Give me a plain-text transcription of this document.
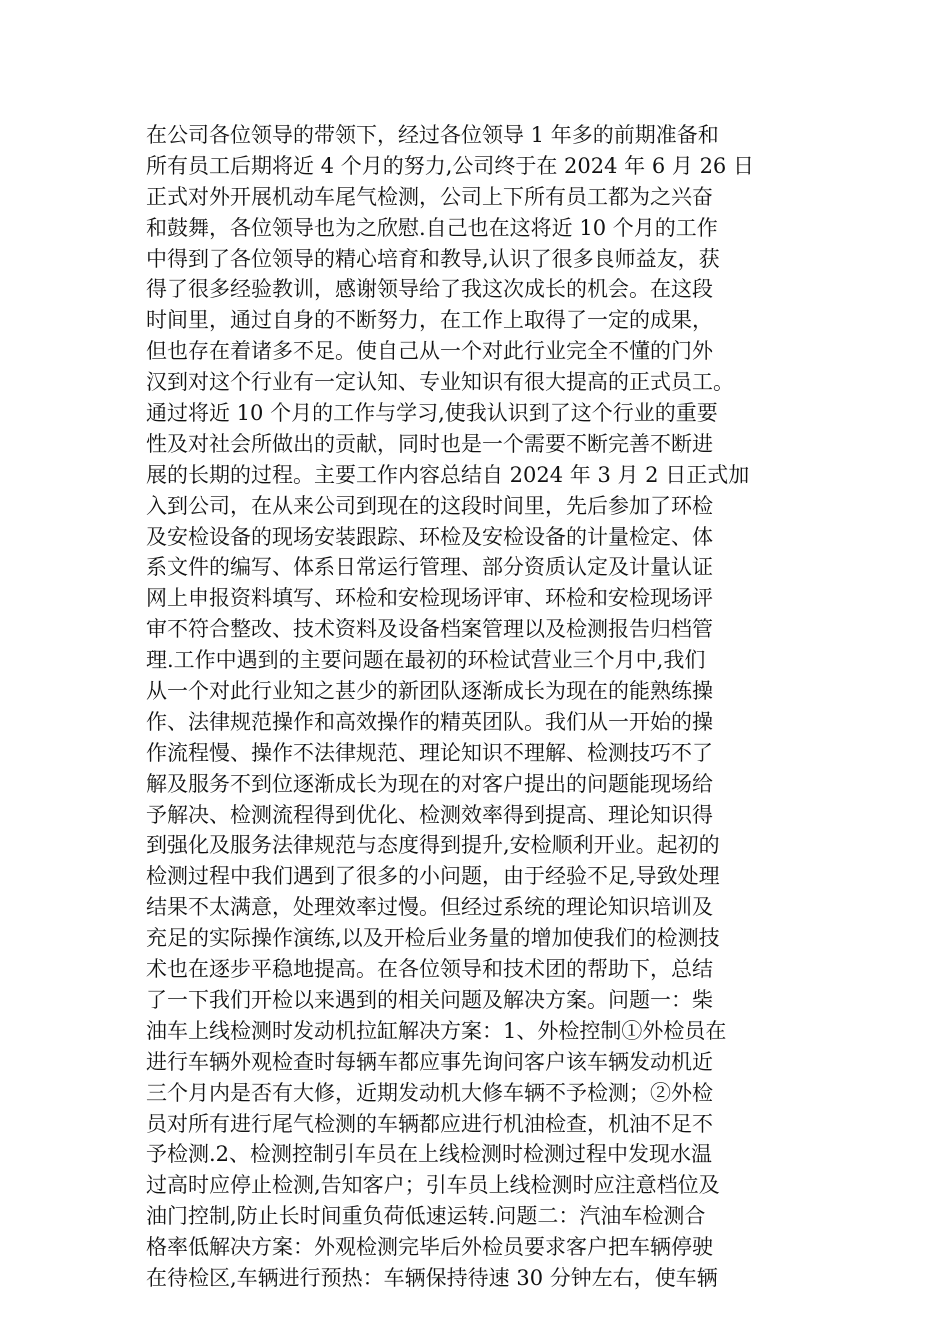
在公司各位领导的带领下，经过各位领导 1 年多的前期准备和
所有员工后期将近 4 个月的努力,公司终于在 2024 年 6 月 26 日
正式对外开展机动车尾气检测，公司上下所有员工都为之兴奋
和鼓舞，各位领导也为之欣慰.自己也在这将近 10 个月的工作
中得到了各位领导的精心培育和教导,认识了很多良师益友，获
得了很多经验教训，感谢领导给了我这次成长的机会。在这段
时间里，通过自身的不断努力，在工作上取得了一定的成果，
但也存在着诸多不足。使自己从一个对此行业完全不懂的门外
汉到对这个行业有一定认知、专业知识有很大提高的正式员工。
通过将近 10 个月的工作与学习,使我认识到了这个行业的重要
性及对社会所做出的贡献，同时也是一个需要不断完善不断进
展的长期的过程。主要工作内容总结自 2024 年 3 月 2 日正式加
入到公司，在从来公司到现在的这段时间里，先后参加了环检
及安检设备的现场安装跟踪、环检及安检设备的计量检定、体
系文件的编写、体系日常运行管理、部分资质认定及计量认证
网上申报资料填写、环检和安检现场评审、环检和安检现场评
审不符合整改、技术资料及设备档案管理以及检测报告归档管
理.工作中遇到的主要问题在最初的环检试营业三个月中,我们
从一个对此行业知之甚少的新团队逐渐成长为现在的能熟练操
作、法律规范操作和高效操作的精英团队。我们从一开始的操
作流程慢、操作不法律规范、理论知识不理解、检测技巧不了
解及服务不到位逐渐成长为现在的对客户提出的问题能现场给
予解决、检测流程得到优化、检测效率得到提高、理论知识得
到强化及服务法律规范与态度得到提升,安检顺利开业。起初的
检测过程中我们遇到了很多的小问题，由于经验不足,导致处理
结果不太满意，处理效率过慢。但经过系统的理论知识培训及
充足的实际操作演练,以及开检后业务量的增加使我们的检测技
术也在逐步平稳地提高。在各位领导和技术团的帮助下，总结
了一下我们开检以来遇到的相关问题及解决方案。问题一：柴
油车上线检测时发动机拉缸解决方案：1、外检控制①外检员在
进行车辆外观检查时每辆车都应事先询问客户该车辆发动机近
三个月内是否有大修，近期发动机大修车辆不予检测；②外检
员对所有进行尾气检测的车辆都应进行机油检查，机油不足不
予检测.2、检测控制引车员在上线检测时检测过程中发现水温
过高时应停止检测,告知客户；引车员上线检测时应注意档位及
油门控制,防止长时间重负荷低速运转.问题二：汽油车检测合
格率低解决方案：外观检测完毕后外检员要求客户把车辆停驶
在待检区,车辆进行预热：车辆保持待速 30 分钟左右，使车辆
